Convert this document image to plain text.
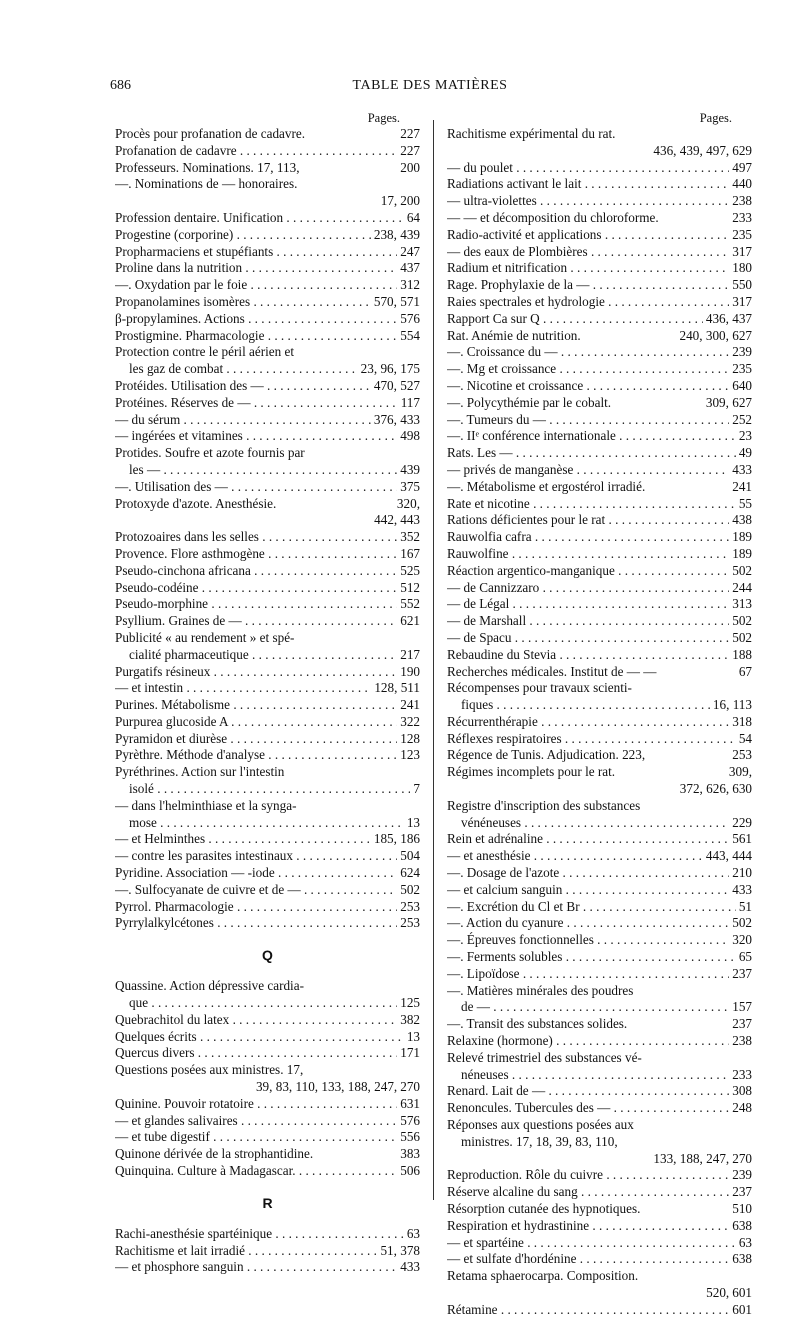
686	TABLE DES MATIÈRES
Pages.
Procès pour profanation de cadavre.	227
Profanation de cadavre . . .	227
Professeurs. Nominations. 17, 113,	200
—. Nominations de — honoraires.
17, 200
Profession dentaire. Unification . . .	64
Progestine (corporine) . . .	238, 439
Propharmaciens et stupéfiants . . .	247
Proline dans la nutrition . . .	437
—. Oxydation par le foie . . .	312
Propanolamines isomères . . .	570, 571
β-propylamines. Actions . . .	576
Prostigmine. Pharmacologie . . .	554
Protection contre le péril aérien et
les gaz de combat . . .	23, 96, 175
Protéides. Utilisation des — . . .	470, 527
Protéines. Réserves de — . . .	117
— du sérum . . .	376, 433
— ingérées et vitamines . . .	498
Protides. Soufre et azote fournis par
les — . . .	439
—. Utilisation des — . . .	375
Protoxyde d'azote. Anesthésie.	320,
442, 443
Protozoaires dans les selles . . .	352
Provence. Flore asthmogène . . .	167
Pseudo-cinchona africana . . .	525
Pseudo-codéine . . .	512
Pseudo-morphine . . .	552
Psyllium. Graines de — . . .	621
Publicité « au rendement » et spé-
cialité pharmaceutique . . .	217
Purgatifs résineux . . .	190
— et intestin . . .	128, 511
Purines. Métabolisme . . .	241
Purpurea glucoside A . . .	322
Pyramidon et diurèse . . .	128
Pyrèthre. Méthode d'analyse . . .	123
Pyréthrines. Action sur l'intestin
isolé . . .	7
— dans l'helminthiase et la synga-
mose . . .	13
— et Helminthes . . .	185, 186
— contre les parasites intestinaux . . .	504
Pyridine. Association — -iode . . .	624
—. Sulfocyanate de cuivre et de — . . .	502
Pyrrol. Pharmacologie . . .	253
Pyrrylalkylcétones . . .	253
Q
Quassine. Action dépressive cardia-
que . . .	125
Quebrachitol du latex . . .	382
Quelques écrits . . .	13
Quercus divers . . .	171
Questions posées aux ministres. 17,
39, 83, 110, 133, 188, 247, 270
Quinine. Pouvoir rotatoire . . .	631
— et glandes salivaires . . .	576
— et tube digestif . . .	556
Quinone dérivée de la strophantidine.	383
Quinquina. Culture à Madagascar. . . .	506
R
Rachi-anesthésie spartéinique . . .	63
Rachitisme et lait irradié . . .	51, 378
— et phosphore sanguin . . .	433
Pages.
Rachitisme expérimental du rat.
436, 439, 497, 629
— du poulet . . .	497
Radiations activant le lait . . .	440
— ultra-violettes . . .	238
— — et décomposition du chloroforme.	233
Radio-activité et applications . . .	235
— des eaux de Plombières . . .	317
Radium et nitrification . . .	180
Rage. Prophylaxie de la — . . .	550
Raies spectrales et hydrologie . . .	317
Rapport Ca sur Q . . .	436, 437
Rat. Anémie de nutrition.	240, 300, 627
—. Croissance du — . . .	239
—. Mg et croissance . . .	235
—. Nicotine et croissance . . .	640
—. Polycythémie par le cobalt.	309, 627
—. Tumeurs du — . . .	252
—. IIᵉ conférence internationale . . .	23
Rats. Les — . . .	49
— privés de manganèse . . .	433
—. Métabolisme et ergostérol irradié.	241
Rate et nicotine . . .	55
Rations déficientes pour le rat . . .	438
Rauwolfia cafra . . .	189
Rauwolfine . . .	189
Réaction argentico-manganique . . .	502
— de Cannizzaro . . .	244
— de Légal . . .	313
— de Marshall . . .	502
— de Spacu . . .	502
Rebaudine du Stevia . . .	188
Recherches médicales. Institut de — —	67
Récompenses pour travaux scienti-
fiques . . .	16, 113
Récurrenthérapie . . .	318
Réflexes respiratoires . . .	54
Régence de Tunis. Adjudication. 223,	253
Régimes incomplets pour le rat.	309,
372, 626, 630
Registre d'inscription des substances
vénéneuses . . .	229
Rein et adrénaline . . .	561
— et anesthésie . . .	443, 444
—. Dosage de l'azote . . .	210
— et calcium sanguin . . .	433
—. Excrétion du Cl et Br . . .	51
—. Action du cyanure . . .	502
—. Épreuves fonctionnelles . . .	320
—. Ferments solubles . . .	65
—. Lipoïdose . . .	237
—. Matières minérales des poudres
de — . . .	157
—. Transit des substances solides.	237
Relaxine (hormone) . . .	238
Relevé trimestriel des substances vé-
néneuses . . .	233
Renard. Lait de — . . .	308
Renoncules. Tubercules des — . . .	248
Réponses aux questions posées aux
ministres. 17, 18, 39, 83, 110,
133, 188, 247, 270
Reproduction. Rôle du cuivre . . .	239
Réserve alcaline du sang . . .	237
Résorption cutanée des hypnotiques.	510
Respiration et hydrastinine . . .	638
— et spartéine . . .	63
— et sulfate d'hordénine . . .	638
Retama sphaerocarpa. Composition.
520, 601
Rétamine . . .	601
